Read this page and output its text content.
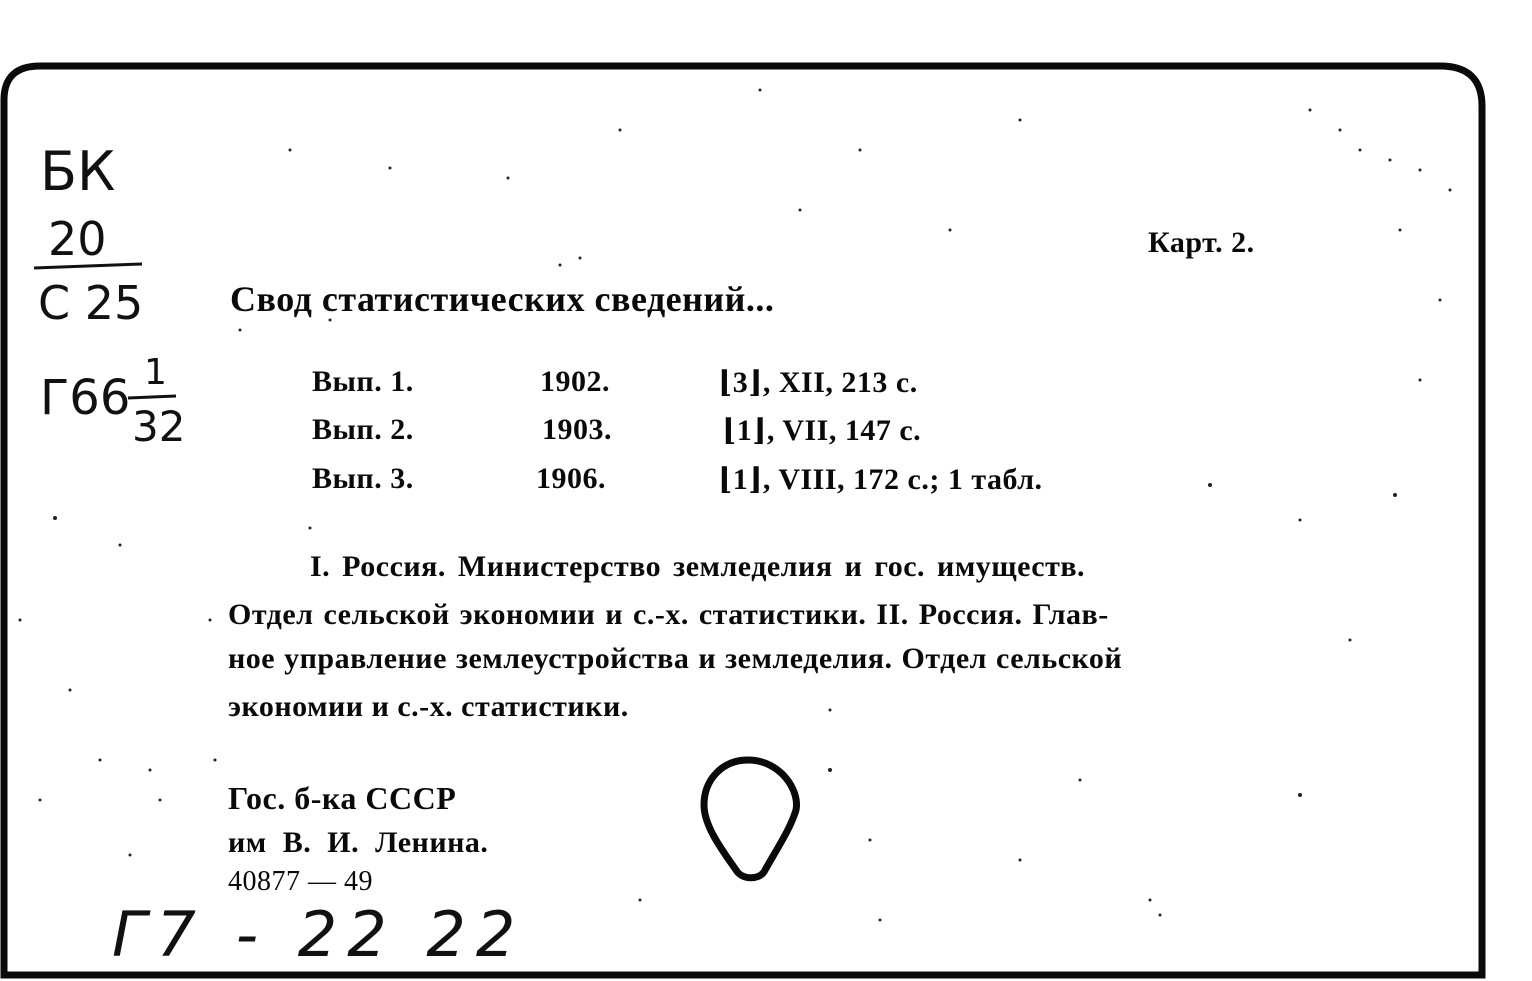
БК
20
С 25
Г66 1
32
Г7 - 22 22
Карт. 2.
Свод статистических сведений...
Вып. 1.	1902.	⌊3⌋, XII, 213 с.
Вып. 2.	1903.	⌊1⌋, VII, 147 с.
Вып. 3.	1906.	⌊1⌋, VIII, 172 с.; 1 табл.
I. Россия. Министерство земледелия и гос. имуществ.
Отдел сельской экономии и с.-х. статистики. II. Россия. Глав-
ное управление землеустройства и земледелия. Отдел сельской
экономии и с.-х. статистики.
Гос. б-ка СССР
им В. И. Ленина.
40877 — 49
